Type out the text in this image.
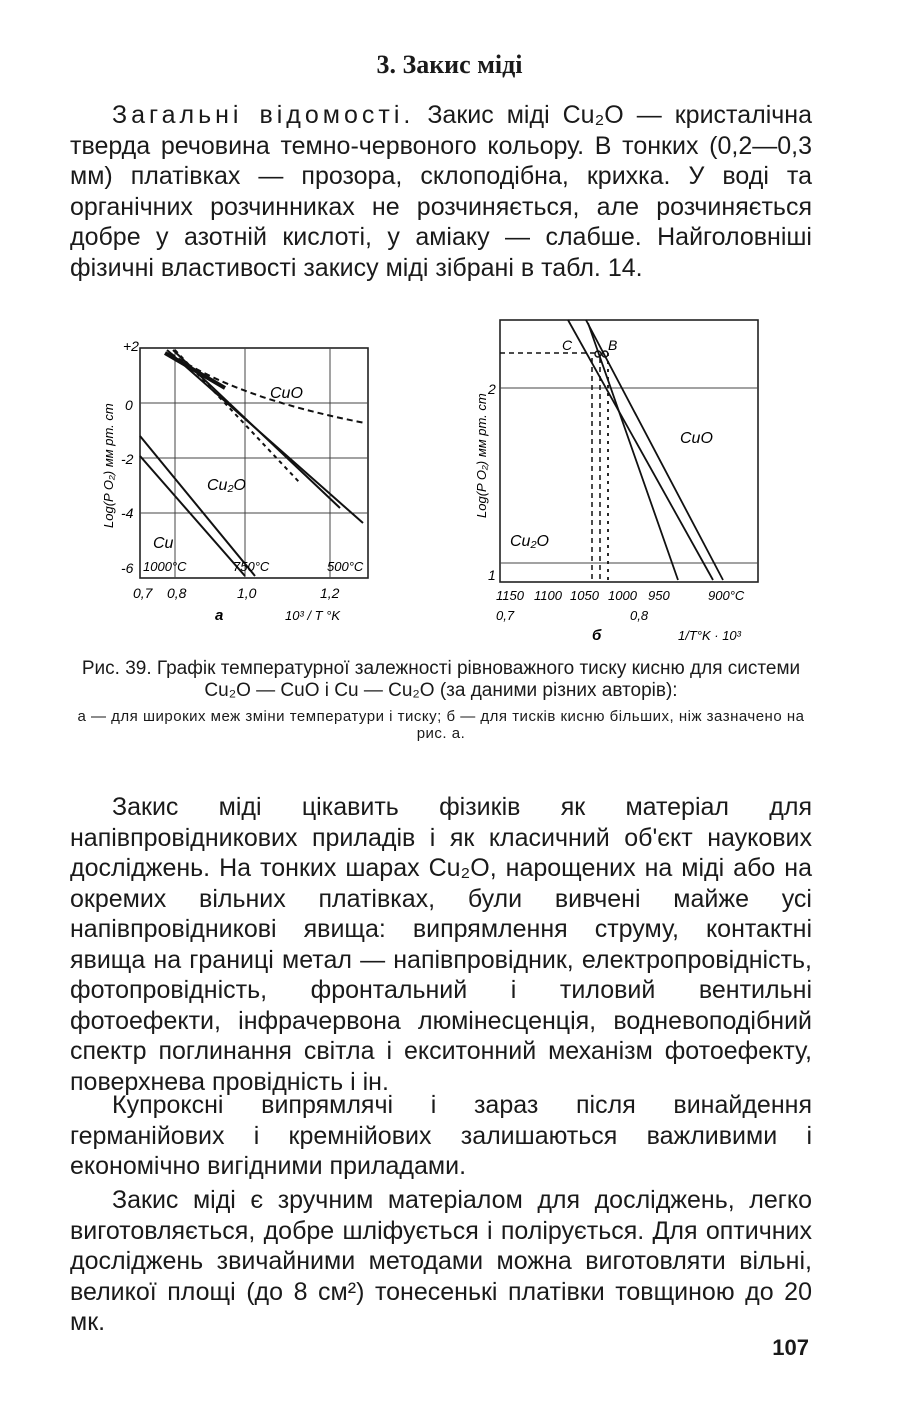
3. Закис міді

Загальні відомості. Закис міді Cu₂O — кристалічна тверда речовина темно-червоного кольору. В тонких (0,2—0,3 мм) платівках — прозора, склоподібна, крихка. У воді та органічних розчинниках не розчиняється, але розчиняється добре у азотній кислоті, у аміаку — слабше. Найголовніші фізичні властивості закису міді зібрані в табл. 14.

+2
0
-2
-4
-6
Log(P O₂) мм рт. ст
CuO
Cu₂O
Cu
1000°C	750°C	500°C
0,7 0,8	1,0	1,2
а	10³ / T °K
C	B
2
1
Log(P O₂) мм рт. ст	CuO
Cu₂O
1150 1100 1050 1000 950	900°C
0,7	0,8
б	1/T°K · 10³
Рис. 39. Графік температурної залежності рівноважного тиску кисню для системи Cu₂O — CuO і Cu — Cu₂O (за даними різних авторів):
а — для широких меж зміни температури і тиску; б — для тисків кисню більших, ніж зазначено на рис. а.

Закис міді цікавить фізиків як матеріал для напівпровідникових приладів і як класичний об'єкт наукових досліджень. На тонких шарах Cu₂O, нарощених на міді або на окремих вільних платівках, були вивчені майже усі напівпровідникові явища: випрямлення струму, контактні явища на границі метал — напівпровідник, електропровідність, фотопровідність, фронтальний і тиловий вентильні фотоефекти, інфрачервона люмінесценція, водневоподібний спектр поглинання світла і екситонний механізм фотоефекту, поверхнева провідність і ін.

Купроксні випрямлячі і зараз після винайдення германійових і кремнійових залишаються важливими і економічно вигідними приладами.

Закис міді є зручним матеріалом для досліджень, легко виготовляється, добре шліфується і полірується. Для оптичних досліджень звичайними методами можна виготовляти вільні, великої площі (до 8 см²) тонесенькі платівки товщиною до 20 мк.

107
